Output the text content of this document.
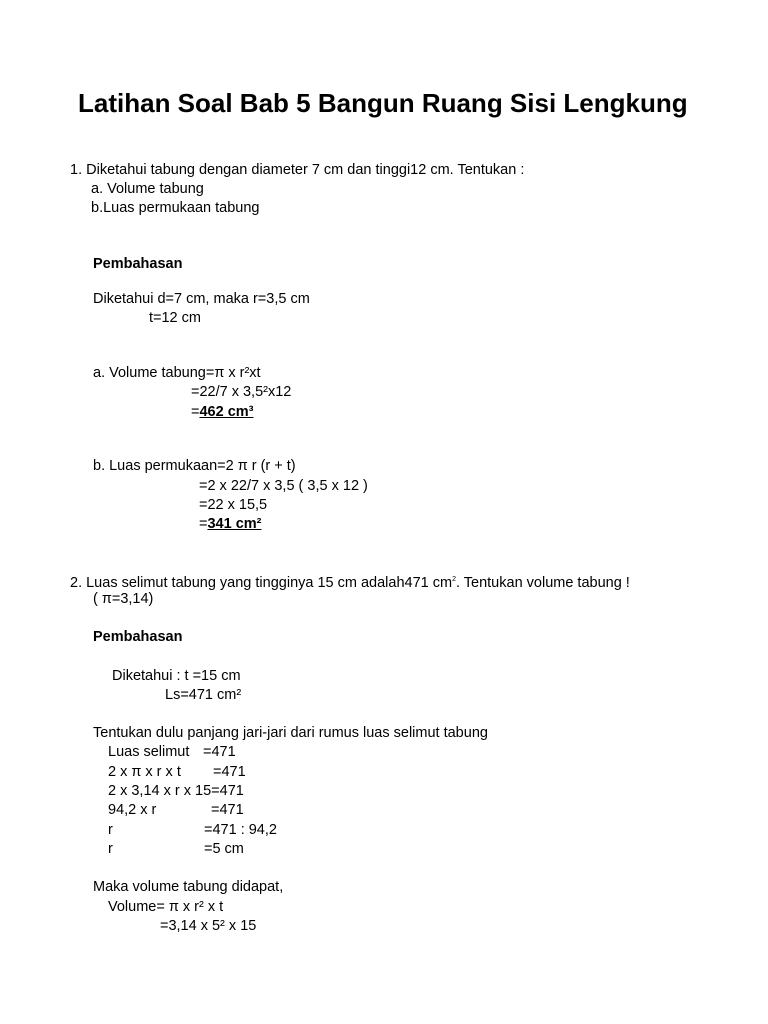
Latihan Soal Bab 5 Bangun Ruang Sisi Lengkung
1. Diketahui tabung dengan diameter 7 cm dan tinggi12 cm. Tentukan :
a. Volume tabung
b.Luas permukaan tabung
Pembahasan
Diketahui d=7 cm, maka r=3,5 cm
t=12 cm
a. Volume tabung=π x r²xt
=22/7 x 3,5²x12
=462 cm³
b. Luas permukaan=2 π r (r + t)
=2 x 22/7 x 3,5 ( 3,5 x 12 )
=22 x 15,5
=341 cm²
2. Luas selimut tabung yang tingginya 15 cm adalah471 $cm^2$. Tentukan volume tabung !
( π=3,14)
Pembahasan
Diketahui : t =15 cm
Ls=471 cm²
Tentukan dulu panjang jari-jari dari rumus luas selimut tabung
Luas selimut =471
2 x π x r x t =471
2 x 3,14 x r x 15=471
94,2 x r	=471
r	=471 : 94,2
r	=5 cm
Maka volume tabung didapat,
Volume= π x r² x t
=3,14 x 5² x 15
